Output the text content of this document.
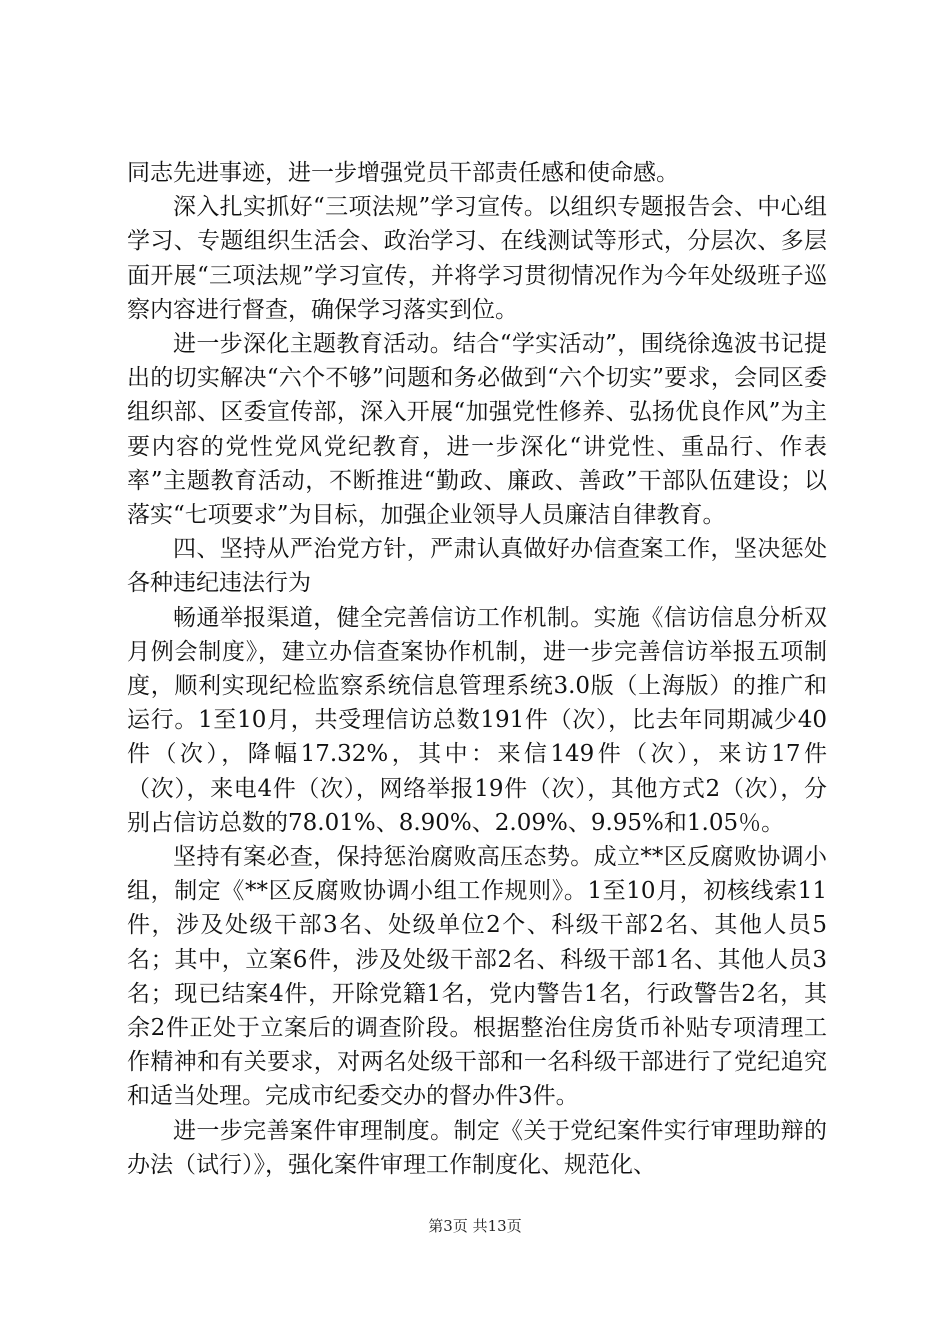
同志先进事迹，进一步增强党员干部责任感和使命感。

深入扎实抓好“三项法规”学习宣传。以组织专题报告会、中心组学习、专题组织生活会、政治学习、在线测试等形式，分层次、多层面开展“三项法规”学习宣传，并将学习贯彻情况作为今年处级班子巡察内容进行督查，确保学习落实到位。

进一步深化主题教育活动。结合“学实活动”，围绕徐逸波书记提出的切实解决“六个不够”问题和务必做到“六个切实”要求，会同区委组织部、区委宣传部，深入开展“加强党性修养、弘扬优良作风”为主要内容的党性党风党纪教育，进一步深化“讲党性、重品行、作表率”主题教育活动，不断推进“勤政、廉政、善政”干部队伍建设；以落实“七项要求”为目标，加强企业领导人员廉洁自律教育。

四、坚持从严治党方针，严肃认真做好办信查案工作，坚决惩处各种违纪违法行为

畅通举报渠道，健全完善信访工作机制。实施《信访信息分析双月例会制度》，建立办信查案协作机制，进一步完善信访举报五项制度，顺利实现纪检监察系统信息管理系统3.0版（上海版）的推广和运行。1至10月，共受理信访总数191件（次），比去年同期减少40件（次），降幅17.32%，其中：来信149件（次），来访17件（次），来电4件（次），网络举报19件（次），其他方式2（次），分别占信访总数的78.01%、8.90%、2.09%、9.95%和1.05％。

坚持有案必查，保持惩治腐败高压态势。成立**区反腐败协调小组，制定《**区反腐败协调小组工作规则》。1至10月，初核线索11件，涉及处级干部3名、处级单位2个、科级干部2名、其他人员5名；其中，立案6件，涉及处级干部2名、科级干部1名、其他人员3名；现已结案4件，开除党籍1名，党内警告1名，行政警告2名，其余2件正处于立案后的调查阶段。根据整治住房货币补贴专项清理工作精神和有关要求，对两名处级干部和一名科级干部进行了党纪追究和适当处理。完成市纪委交办的督办件3件。

进一步完善案件审理制度。制定《关于党纪案件实行审理助辩的办法（试行）》，强化案件审理工作制度化、规范化、

第3页 共13页
